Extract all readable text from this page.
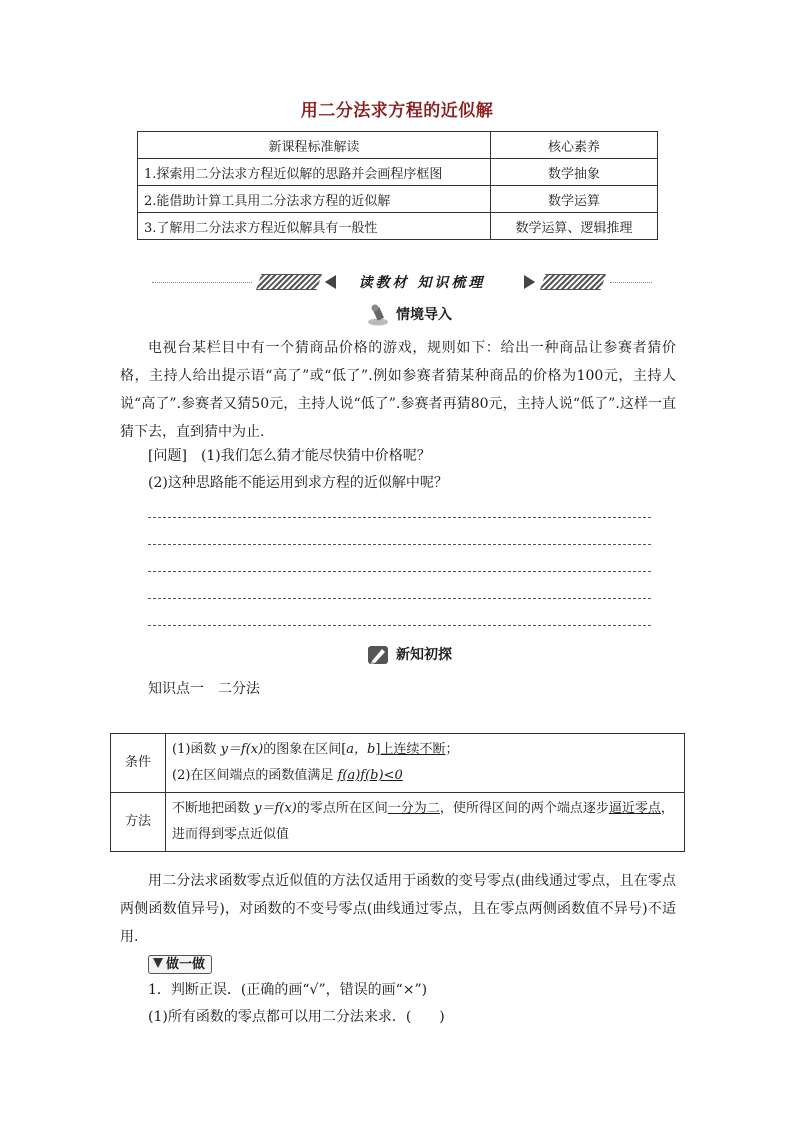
用二分法求方程的近似解
新课程标准解读	核心素养
1.探索用二分法求方程近似解的思路并会画程序框图	数学抽象
2.能借助计算工具用二分法求方程的近似解	数学运算
3.了解用二分法求方程近似解具有一般性	数学运算、逻辑推理
读教材 知识梳理
情境导入
电视台某栏目中有一个猜商品价格的游戏，规则如下：给出一种商品让参赛者猜价格，主持人给出提示语“高了”或“低了”.例如参赛者猜某种商品的价格为100元，主持人说“高了”.参赛者又猜50元，主持人说“低了”.参赛者再猜80元，主持人说“低了”.这样一直猜下去，直到猜中为止.
[问题]　 (1)我们怎么猜才能尽快猜中价格呢？
(2)这种思路能不能运用到求方程的近似解中呢？
新知初探
知识点一　二分法
条件	(1)函数 y＝f(x)的图象在区间[a，b]上连续不断；
(2)在区间端点的函数值满足 f(a)f(b)<0

方法	不断地把函数 y＝f(x)的零点所在区间一分为二，使所得区间的两个端点逐步逼近零点，进而得到零点近似值
用二分法求函数零点近似值的方法仅适用于函数的变号零点(曲线通过零点，且在零点两侧函数值异号)，对函数的不变号零点(曲线通过零点，且在零点两侧函数值不异号)不适用.
做一做
1．判断正误．(正确的画“√”，错误的画“×”)
(1)所有函数的零点都可以用二分法来求．(　　)
